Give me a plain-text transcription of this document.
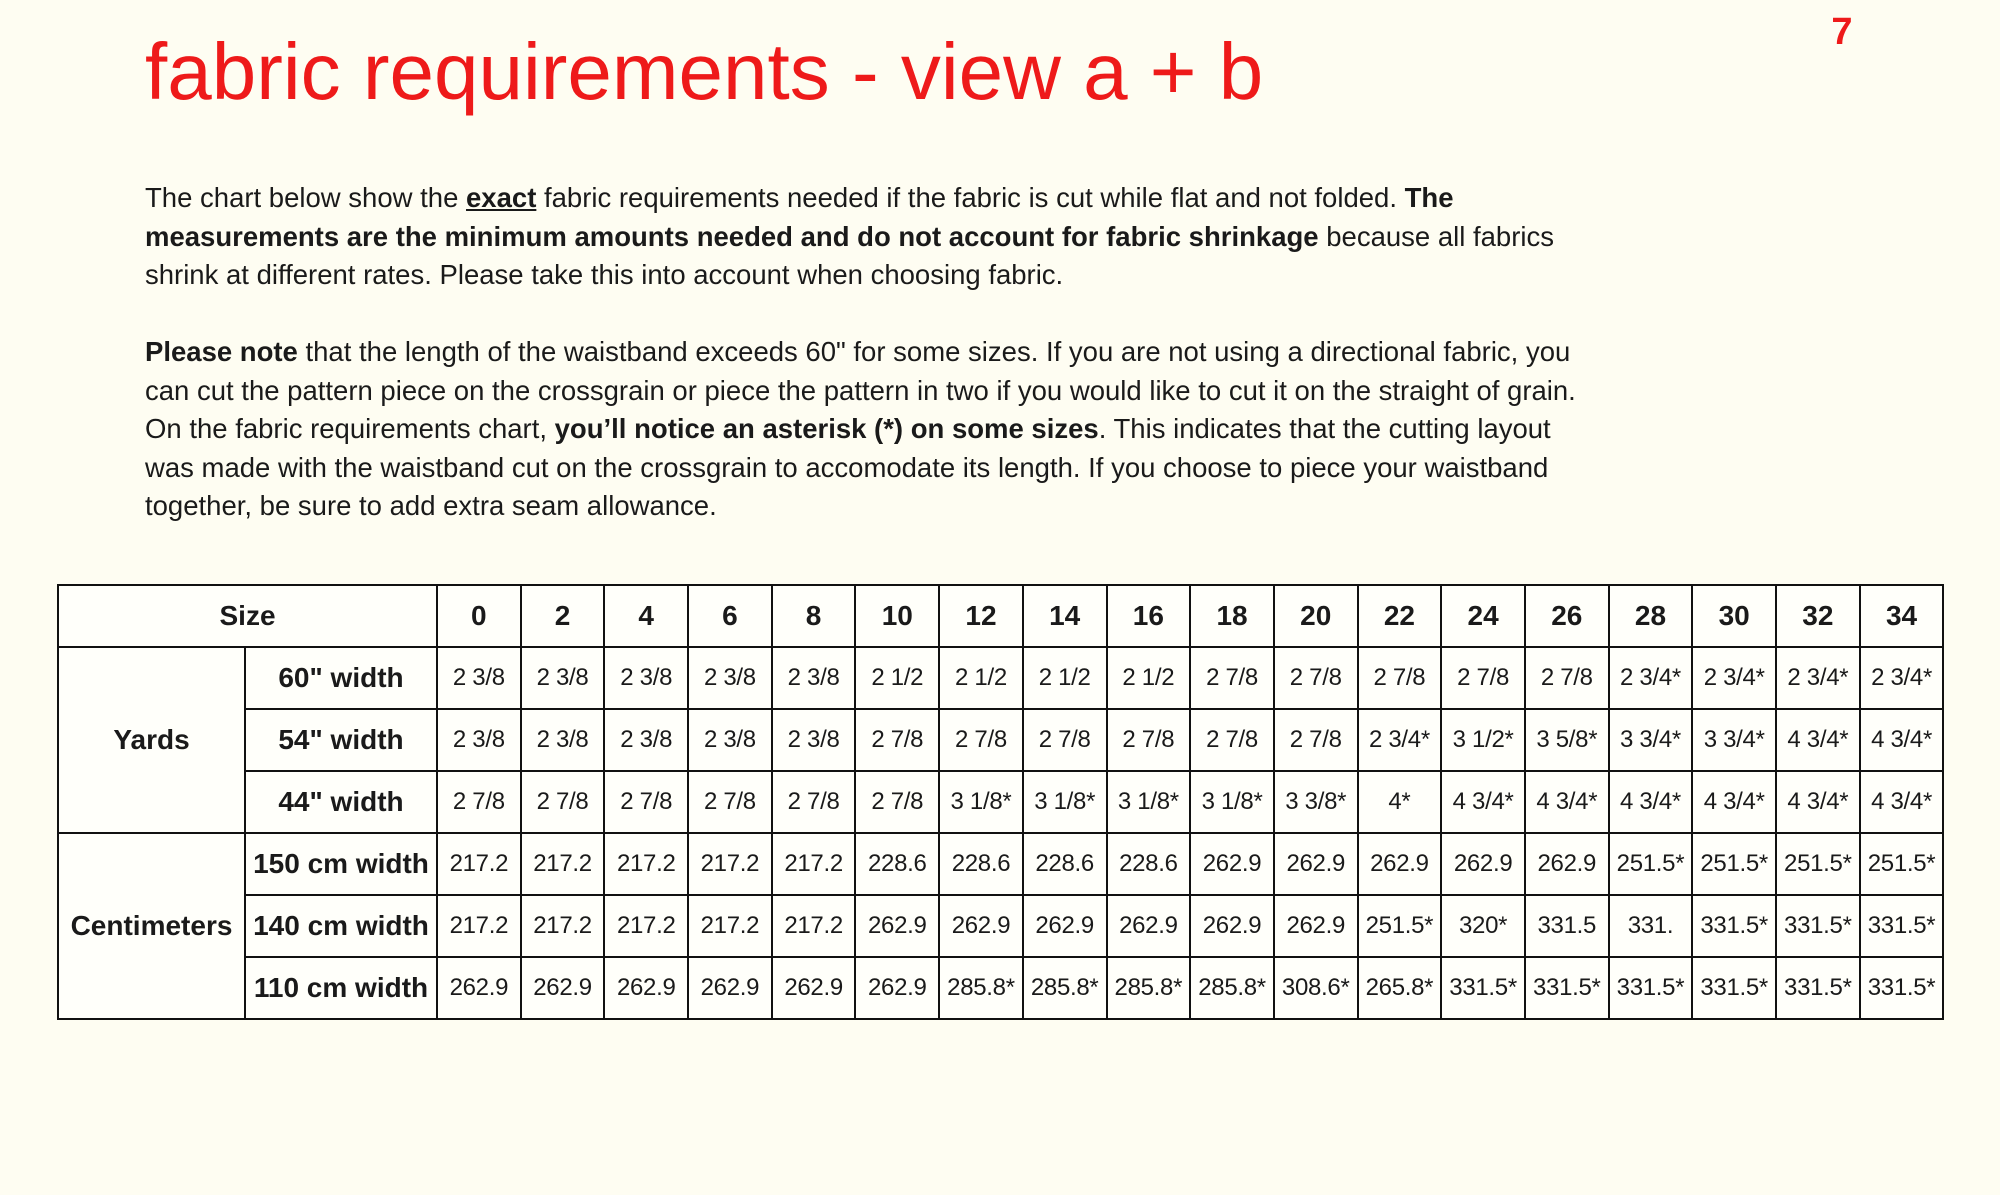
7
fabric requirements - view a + b

The chart below show the exact fabric requirements needed if the fabric is cut while flat and not folded. The measurements are the minimum amounts needed and do not account for fabric shrinkage because all fabrics shrink at different rates. Please take this into account when choosing fabric.

Please note that the length of the waistband exceeds 60" for some sizes. If you are not using a directional fabric, you can cut the pattern piece on the crossgrain or piece the pattern in two if you would like to cut it on the straight of grain. On the fabric requirements chart, you’ll notice an asterisk (*) on some sizes. This indicates that the cutting layout was made with the waistband cut on the crossgrain to accomodate its length. If you choose to piece your waistband together, be sure to add extra seam allowance.

Size		0	2	4	6	8	10	12	14	16	18	20	22	24	26	28	30	32	34
Yards	60" width	2 3/8	2 3/8	2 3/8	2 3/8	2 3/8	2 1/2	2 1/2	2 1/2	2 1/2	2 7/8	2 7/8	2 7/8	2 7/8	2 7/8	2 3/4*	2 3/4*	2 3/4*	2 3/4*
	54" width	2 3/8	2 3/8	2 3/8	2 3/8	2 3/8	2 7/8	2 7/8	2 7/8	2 7/8	2 7/8	2 7/8	2 3/4*	3 1/2*	3 5/8*	3 3/4*	3 3/4*	4 3/4*	4 3/4*
	44" width	2 7/8	2 7/8	2 7/8	2 7/8	2 7/8	2 7/8	3 1/8*	3 1/8*	3 1/8*	3 1/8*	3 3/8*	4*	4 3/4*	4 3/4*	4 3/4*	4 3/4*	4 3/4*	4 3/4*
Centimeters	150 cm width	217.2	217.2	217.2	217.2	217.2	228.6	228.6	228.6	228.6	262.9	262.9	262.9	262.9	262.9	251.5*	251.5*	251.5*	251.5*
	140 cm width	217.2	217.2	217.2	217.2	217.2	262.9	262.9	262.9	262.9	262.9	262.9	251.5*	320*	331.5	331.	331.5*	331.5*	331.5*
	110 cm width	262.9	262.9	262.9	262.9	262.9	262.9	285.8*	285.8*	285.8*	285.8*	308.6*	265.8*	331.5*	331.5*	331.5*	331.5*	331.5*	331.5*
